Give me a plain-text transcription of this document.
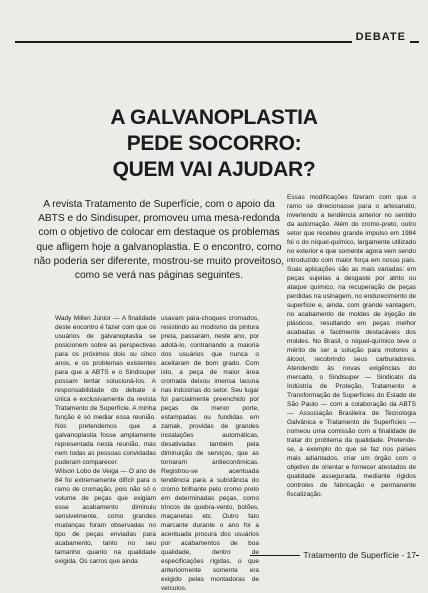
DEBATE
A GALVANOPLASTIA
PEDE SOCORRO:
QUEM VAI AJUDAR?
A revista Tratamento de Superfície, com o apoio da ABTS e do Sindisuper, promoveu uma mesa-redonda com o objetivo de colocar em destaque os problemas que afligem hoje a galvanoplastia. E o encontro, como não poderia ser diferente, mostrou-se muito proveitoso, como se verá nas páginas seguintes.

Wady Millen Júnior — A finalidade deste encontro é fazer com que os usuários de galvanoplastia se posicionem sobre as perspectivas para os próximos dois ou cinco anos, e os problemas existentes para que a ABTS e o Sindisuper possam tentar solucioná-los. A responsabilidade do debate é única e exclusivamente da revista Tratamento de Superfície. A minha função é só mediar essa reunião. Nós pretendemos que a galvanoplastia fosse amplamente representada nesta reunião, mas nem todas as pessoas convidadas puderam comparecer.

Wilson Lobo de Veiga — O ano de 84 foi extremamente difícil para o ramo de cromação, pois não só o volume de peças que exigiam esse acabamento diminuiu sensivelmente, como grandes mudanças foram observadas no tipo de peças enviadas para acabamento, tanto no seu tamanho quanto na qualidade exigida. Os carros que ainda

usavam pára-choques cromados, resistindo ao modismo da pintura preta, passaram, neste ano, por adotá-lo, contrariando a maioria dos usuários que nunca o aceitaram de bom grado. Com isto, a peça de maior área cromada deixou imensa lacuna nas indústrias do setor. Seu lugar foi parcialmente preenchido por peças de menor porte, estampadas ou fundidas em zamak, providas de grandes instalações automáticas, desativadas também pela diminuição de serviços, que as tornaram antieconômicas. Registrou-se acentuada tendência para a substância do cromo brilhante pelo cromo preto em determinadas peças, como trincos de quebra-vento, botões, maçanetas etc. Outro fato marcante durante o ano foi a acentuada procura dos usuários por acabamentos de boa qualidade, dentro de especificações rígidas, o que anteriormente somente era exigido pelas montadoras de veículos.

Essas modificações fizeram com que o ramo se direcionasse para o artesanato, invertendo a tendência anterior no sentido da automação. Além do cromo-preto, outro setor que recebeu grande impulso em 1984 foi o do níquel-químico, largamente utilizado no exterior e que somente agora vem sendo introduzido com maior força em nosso país. Suas aplicações são as mais variadas: em peças sujeitas a desgaste por atrito ou ataque químico, na recuperação de peças perdidas na usinagem, no endurecimento de superfície e, ainda, com grande vantagem, no acabamento de moldes de injeção de plásticos, resultando em peças melhor acabadas e facilmente destacáveis dos moldes. No Brasil, o níquel-químico teve o mérito de ser a solução para motores a álcool, recobrindo seus carburadores. Atendendo às novas exigências do mercado, o Sindisuper — Sindicato da Indústria de Proteção, Tratamento e Transformação de Superfícies do Estado de São Paulo — com a colaboração da ABTS — Associação Brasileira de Tecnologia Galvânica e Tratamento de Superfícies — nomeou uma comissão com a finalidade de tratar do problema da qualidade. Pretende-se, a exemplo do que se faz nos países mais adiantados, criar um órgão com o objetivo de orientar e fornecer atestados de qualidade assegurada, mediante rígidos controles de fabricação e permanente fiscalização.

Tratamento de Superfície - 17
